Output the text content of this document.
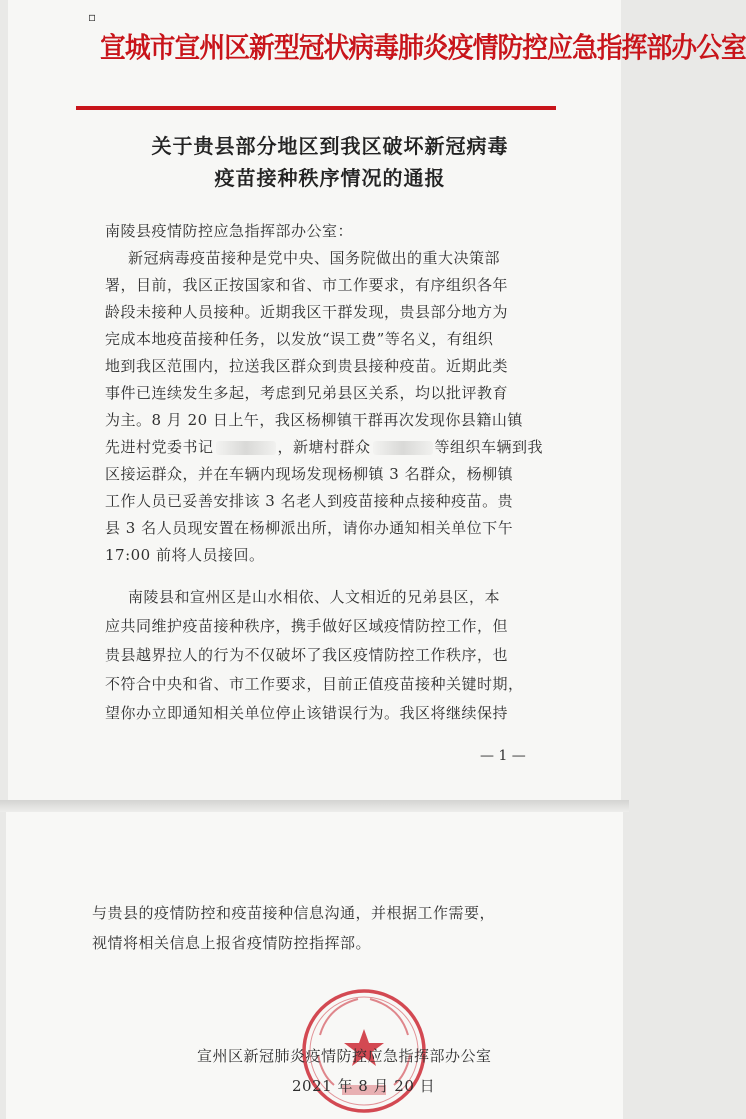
▫
宣城市宣州区新型冠状病毒肺炎疫情防控应急指挥部办公室
关于贵县部分地区到我区破坏新冠病毒
疫苗接种秩序情况的通报
南陵县疫情防控应急指挥部办公室：
新冠病毒疫苗接种是党中央、国务院做出的重大决策部
署，目前，我区正按国家和省、市工作要求，有序组织各年
龄段未接种人员接种。近期我区干群发现，贵县部分地方为
完成本地疫苗接种任务，以发放“误工费”等名义，有组织
地到我区范围内，拉送我区群众到贵县接种疫苗。近期此类
事件已连续发生多起，考虑到兄弟县区关系，均以批评教育
为主。8 月 20 日上午，我区杨柳镇干群再次发现你县籍山镇
先进村党委书记	，新塘村群众	等组织车辆到我
区接运群众，并在车辆内现场发现杨柳镇 3 名群众，杨柳镇
工作人员已妥善安排该 3 名老人到疫苗接种点接种疫苗。贵
县 3 名人员现安置在杨柳派出所，请你办通知相关单位下午
17:00 前将人员接回。
南陵县和宣州区是山水相依、人文相近的兄弟县区，本
应共同维护疫苗接种秩序，携手做好区域疫情防控工作，但
贵县越界拉人的行为不仅破坏了我区疫情防控工作秩序，也
不符合中央和省、市工作要求，目前正值疫苗接种关键时期，
望你办立即通知相关单位停止该错误行为。我区将继续保持
— 1 —
与贵县的疫情防控和疫苗接种信息沟通，并根据工作需要，
视情将相关信息上报省疫情防控指挥部。
宣州区新冠肺炎疫情防控应急指挥部办公室
2021 年 8 月 20 日
